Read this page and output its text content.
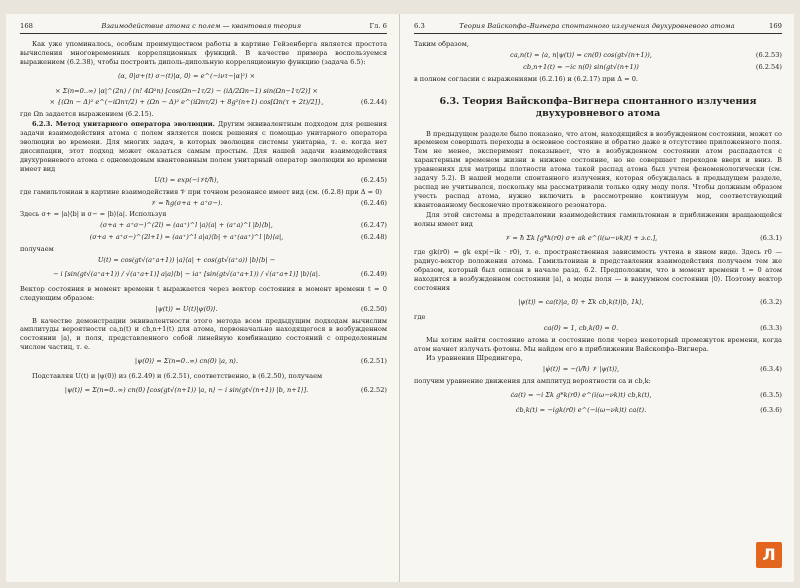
168	Взаимодействие атома с полем — квантовая теория	Гл. 6

Как уже упоминалось, особым преимуществом работы в картине Гейзенберга является простота вычисления многовременных корреляционных функций. В качестве примера воспользуемся выражением (6.2.38), чтобы построить диполь-дипольную корреляционную функцию (задача 6.5):

⟨α, 0|σ+(t) σ−(t)|α, 0⟩ = e^(−iντ−|α|²) ×
× Σ(n=0..∞) |α|^(2n) / (n! 4Ω²n) [cos(Ωn−1τ/2) − (iΔ/2Ωn−1) sin(Ωn−1τ/2)] ×
× {(Ωn − Δ)² e^(−iΩnτ/2) + (Ωn − Δ)² e^(iΩnτ/2) + 8g²(n+1) cos[Ωn(τ + 2t)/2]},	(6.2.44)

где Ωn задается выражением (6.2.15).

6.2.3. Метод унитарного оператора эволюции. Другим эквивалентным подходом для решения задачи взаимодействия атома с полем является поиск решения с помощью унитарного оператора эволюции во времени. Для многих задач, в которых эволюция системы унитарна, т. е. когда нет диссипации, этот подход может оказаться самым простым. Для нашей задачи взаимодействия двухуровневого атома с одномодовым квантованным полем унитарный оператор эволюции во времени имеет вид

U(t) = exp(−i𝒱t/ħ),	(6.2.45)

где гамильтониан в картине взаимодействия 𝒱 при точном резонансе имеет вид (см. (6.2.8) при Δ = 0)

𝒱 = ħg(σ+a + a⁺σ−).	(6.2.46)

Здесь σ+ = |a⟩⟨b| и σ− = |b⟩⟨a|. Используя

(σ+a + a⁺σ−)^(2l) = (aa⁺)^l |a⟩⟨a| + (a⁺a)^l |b⟩⟨b|,	(6.2.47)
(σ+a + a⁺σ−)^(2l+1) = (aa⁺)^l a|a⟩⟨b| + a⁺(aa⁺)^l |b⟩⟨a|,	(6.2.48)

получаем

U(t) = cos(gt√(a⁺a+1)) |a⟩⟨a| + cos(gt√(a⁺a)) |b⟩⟨b| −
− i [sin(gt√(a⁺a+1)) / √(a⁺a+1)] a|a⟩⟨b| − ia⁺ [sin(gt√(a⁺a+1)) / √(a⁺a+1)] |b⟩⟨a|.	(6.2.49)

Вектор состояния в момент времени t выражается через вектор состояния в момент времени t = 0 следующим образом:

|ψ(t)⟩ = U(t)|ψ(0)⟩.	(6.2.50)

В качестве демонстрации эквивалентности этого метода всем предыдущим подходам вычислим амплитуды вероятности ca,n(t) и cb,n+1(t) для атома, первоначально находящегося в возбужденном состоянии |a⟩, и поля, представленного собой линейную комбинацию состояний с определенным числом частиц, т. е.

|ψ(0)⟩ = Σ(n=0..∞) cn(0) |a, n⟩.	(6.2.51)

Подставляя U(t) и |ψ(0)⟩ из (6.2.49) и (6.2.51), соответственно, в (6.2.50), получаем

|ψ(t)⟩ = Σ(n=0..∞) cn(0) [cos(gt√(n+1)) |a, n⟩ − i sin(gt√(n+1)) |b, n+1⟩].	(6.2.52)
6.3	Теория Вайскопфа–Вигнера спонтанного излучения двухуровневого атома	169

Таким образом,

ca,n(t) = ⟨a, n|ψ(t)⟩ = cn(0) cos(gt√(n+1)),	(6.2.53)
cb,n+1(t) = −ic n(0) sin(gt√(n+1))	(6.2.54)

в полном согласии с выражениями (6.2.16) и (6.2.17) при Δ = 0.

6.3. Теория Вайскопфа–Вигнера спонтанного излучения двухуровневого атома

В предыдущем разделе было показано, что атом, находящийся в возбужденном состоянии, может со временем совершать переходы в основное состояние и обратно даже в отсутствие приложенного поля. Тем не менее, эксперимент показывает, что в возбужденном состоянии атом распадается с характерным временем жизни в нижнее состояние, но не совершает переходов вверх и вниз. В уравнениях для матрицы плотности атома такой распад атома был учтен феноменологически (см. задачу 5.2). В нашей модели спонтанного излучения, которая обсуждалась в предыдущем разделе, распад не учитывался, поскольку мы рассматривали только одну моду поля. Чтобы должным образом учесть распад атома, нужно включить в рассмотрение континуум мод, соответствующий квантованному бесконечно протяженного резонатора.

Для этой системы в представлении взаимодействия гамильтониан в приближении вращающейся волны имеет вид

𝒱 = ħ Σk [g*k(r0) σ+ ak e^(i(ω−νk)t) + э.с.],	(6.3.1)

где gk(r0) = gk exp(−ik · r0), т. е. пространственная зависимость учтена в явном виде. Здесь r0 — радиус-вектор положения атома. Гамильтониан в представлении взаимодействия получаем тем же образом, который был описан в начале разд. 6.2. Предположим, что в момент времени t = 0 атом находится в возбужденном состоянии |a⟩, а моды поля — в вакуумном состоянии |0⟩. Поэтому вектор состояния

|ψ(t)⟩ = ca(t)|a, 0⟩ + Σk cb,k(t)|b, 1k⟩,	(6.3.2)

где

ca(0) = 1, cb,k(0) = 0.	(6.3.3)

Мы хотим найти состояние атома и состояние поля через некоторый промежуток времени, когда атом начнет излучать фотоны. Мы найдем его в приближении Вайскопфа–Вигнера.

Из уравнения Шредингера,

|ψ̇(t)⟩ = −(i/ħ) 𝒱 |ψ(t)⟩,	(6.3.4)

получим уравнение движения для амплитуд вероятности ca и cb,k:

ċa(t) = −i Σk g*k(r0) e^(i(ω−νk)t) cb,k(t),	(6.3.5)
ċb,k(t) = −igk(r0) e^(−i(ω−νk)t) ca(t).	(6.3.6)
Л
